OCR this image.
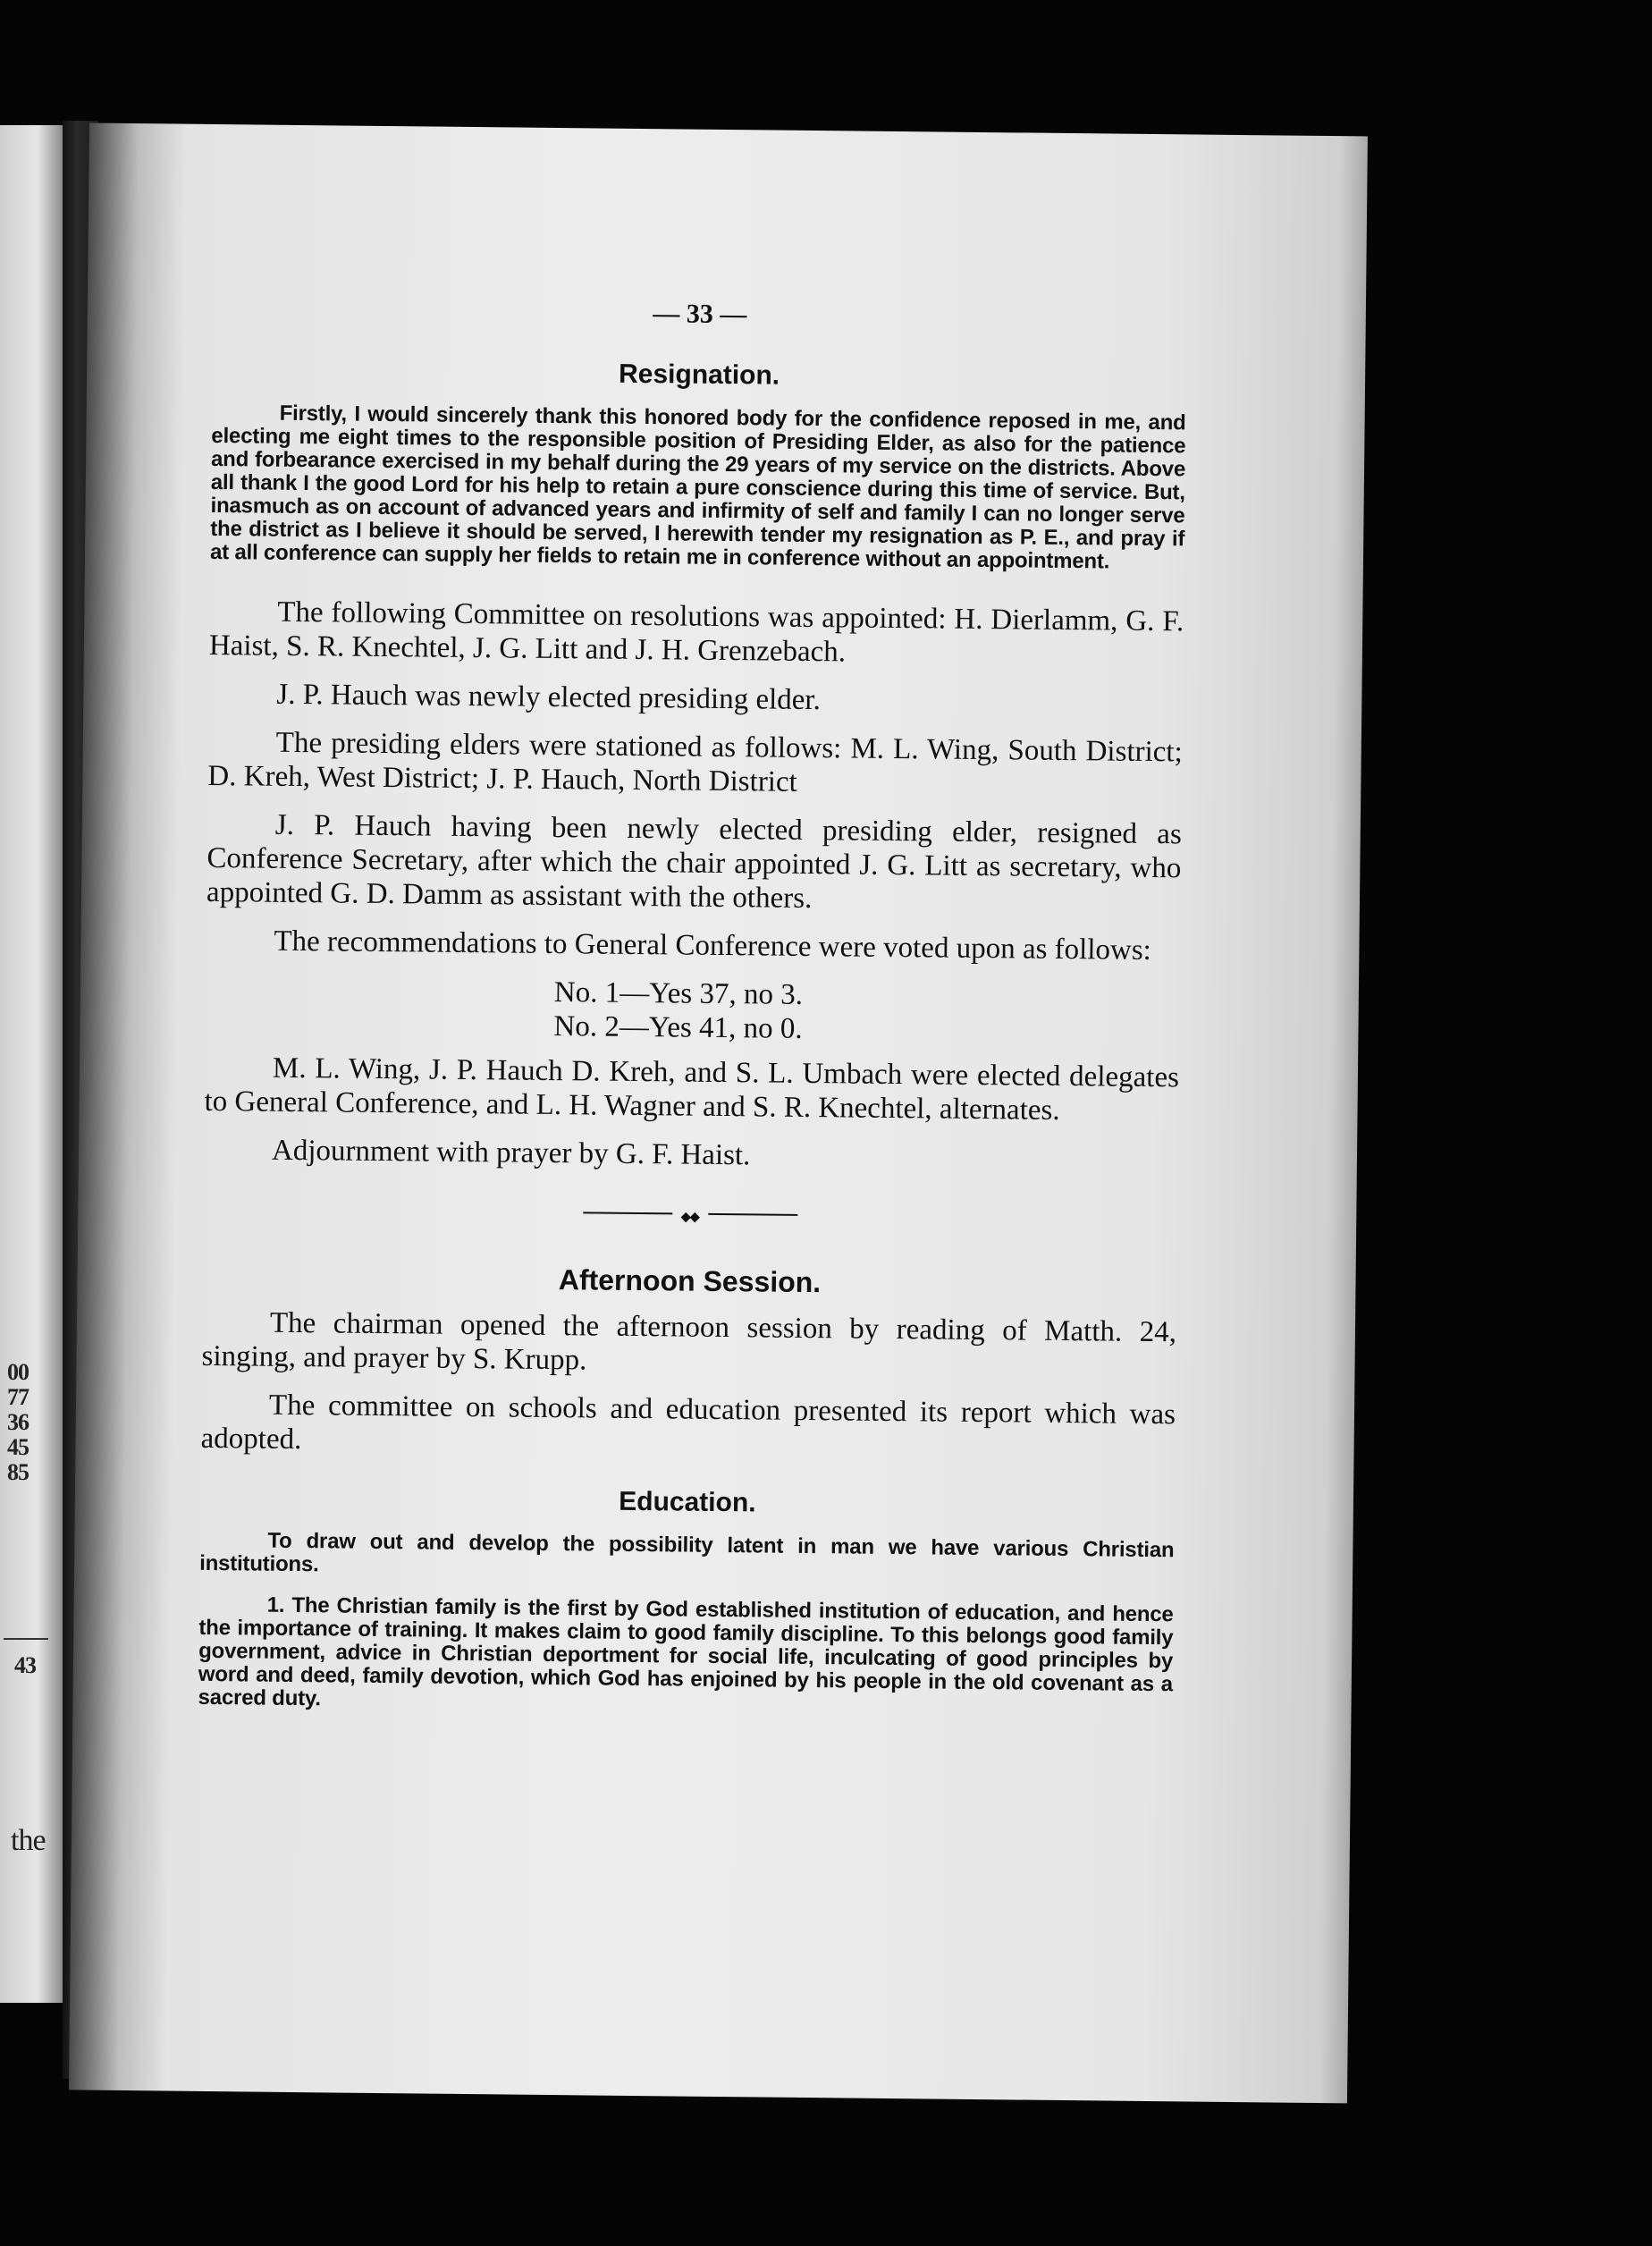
00
77
36
45
85
43
the
— 33 —
Resignation.

Firstly, I would sincerely thank this honored body for the confidence reposed in me, and electing me eight times to the responsible position of Presiding Elder, as also for the patience and forbearance exercised in my behalf during the 29 years of my service on the districts. Above all thank I the good Lord for his help to retain a pure conscience during this time of service. But, inasmuch as on account of advanced years and infirmity of self and family I can no longer serve the district as I believe it should be served, I herewith tender my resignation as P. E., and pray if at all conference can supply her fields to retain me in conference without an appointment.

The following Committee on resolutions was appointed: H. Dierlamm, G. F. Haist, S. R. Knechtel, J. G. Litt and J. H. Grenzebach.

J. P. Hauch was newly elected presiding elder.

The presiding elders were stationed as follows: M. L. Wing, South District; D. Kreh, West District; J. P. Hauch, North District

J. P. Hauch having been newly elected presiding elder, resigned as Conference Secretary, after which the chair appointed J. G. Litt as secretary, who appointed G. D. Damm as assistant with the others.

The recommendations to General Conference were voted upon as follows:

No. 1—Yes 37, no 3.
No. 2—Yes 41, no 0.

M. L. Wing, J. P. Hauch D. Kreh, and S. L. Umbach were elected delegates to General Conference, and L. H. Wagner and S. R. Knechtel, alternates.

Adjournment with prayer by G. F. Haist.

Afternoon Session.

The chairman opened the afternoon session by reading of Matth. 24, singing, and prayer by S. Krupp.

The committee on schools and education presented its report which was adopted.

Education.

To draw out and develop the possibility latent in man we have various Christian institutions.

1. The Christian family is the first by God established institution of education, and hence the importance of training. It makes claim to good family discipline. To this belongs good family government, advice in Christian deportment for social life, inculcating of good principles by word and deed, family devotion, which God has enjoined by his people in the old covenant as a sacred duty.
